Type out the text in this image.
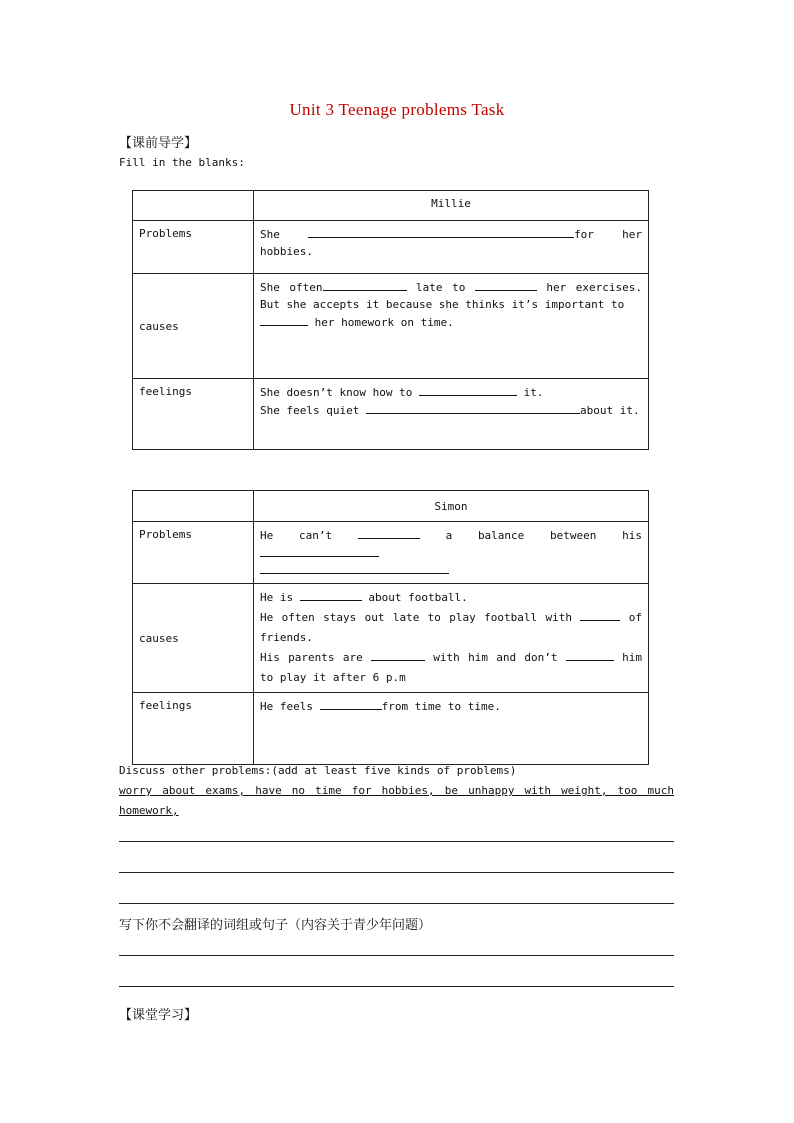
Unit 3 Teenage problems Task
【课前导学】
Fill in the blanks:
	Millie
Problems	She for her
hobbies.

causes	She often late to her exercises.
But she accepts it because she thinks it’s important to
her homework on time.

feelings	She doesn’t know how to it.
She feels quiet about it.
	Simon
Problems	He can’t a balance between his

causes	He is about football.
He often stays out late to play football with of
friends.
His parents are with him and don’t him
to play it after 6 p.m

feelings	He feels from time to time.
Discuss other problems:(add at least five kinds of problems)
worry about exams, have no time for hobbies, be unhappy with weight, too much homework,
写下你不会翻译的词组或句子（内容关于青少年问题）
【课堂学习】
